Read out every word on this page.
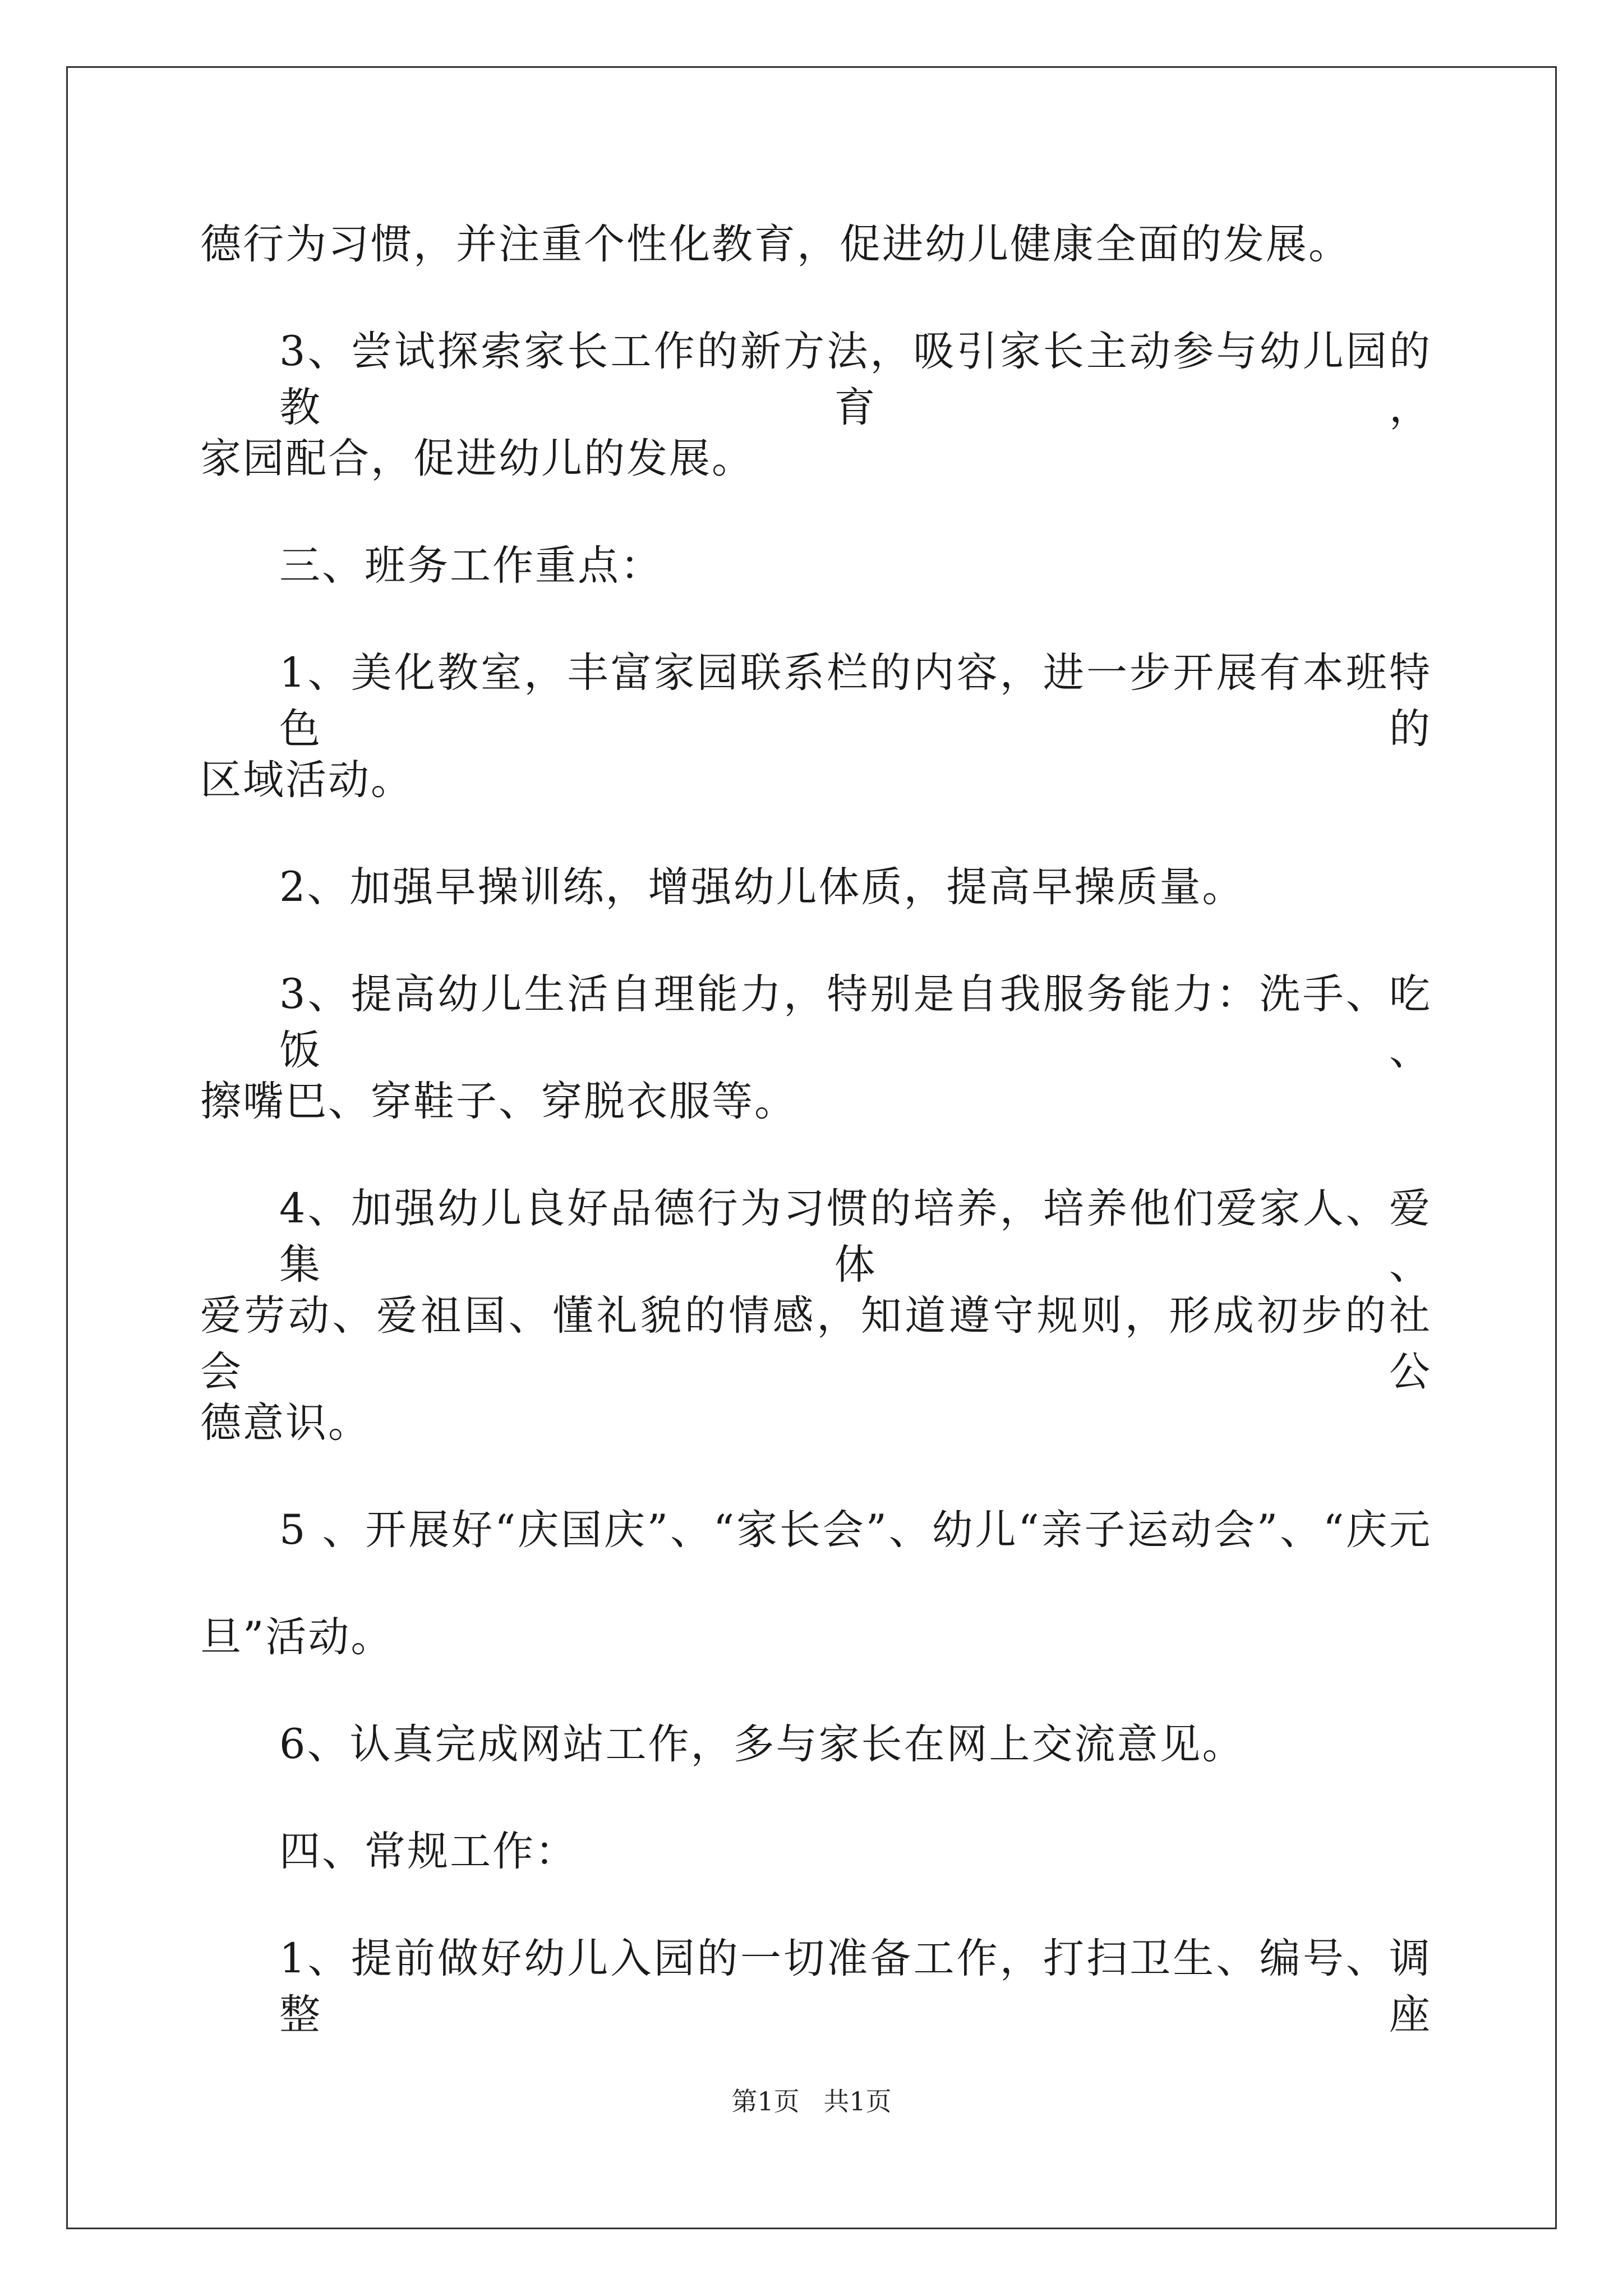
德行为习惯，并注重个性化教育，促进幼儿健康全面的发展。
3、尝试探索家长工作的新方法，吸引家长主动参与幼儿园的教育，
家园配合，促进幼儿的发展。
三、班务工作重点：
1、美化教室，丰富家园联系栏的内容，进一步开展有本班特色的
区域活动。
2、加强早操训练，增强幼儿体质，提高早操质量。
3、提高幼儿生活自理能力，特别是自我服务能力：洗手、吃饭、
擦嘴巴、穿鞋子、穿脱衣服等。
4、加强幼儿良好品德行为习惯的培养，培养他们爱家人、爱集体、
爱劳动、爱祖国、懂礼貌的情感，知道遵守规则，形成初步的社会公
德意识。
5 、开展好“庆国庆”、“家长会”、幼儿“亲子运动会”、“庆元
旦”活动。
6、认真完成网站工作，多与家长在网上交流意见。
四、常规工作：
1、提前做好幼儿入园的一切准备工作，打扫卫生、编号、调整座
第1页 共1页
